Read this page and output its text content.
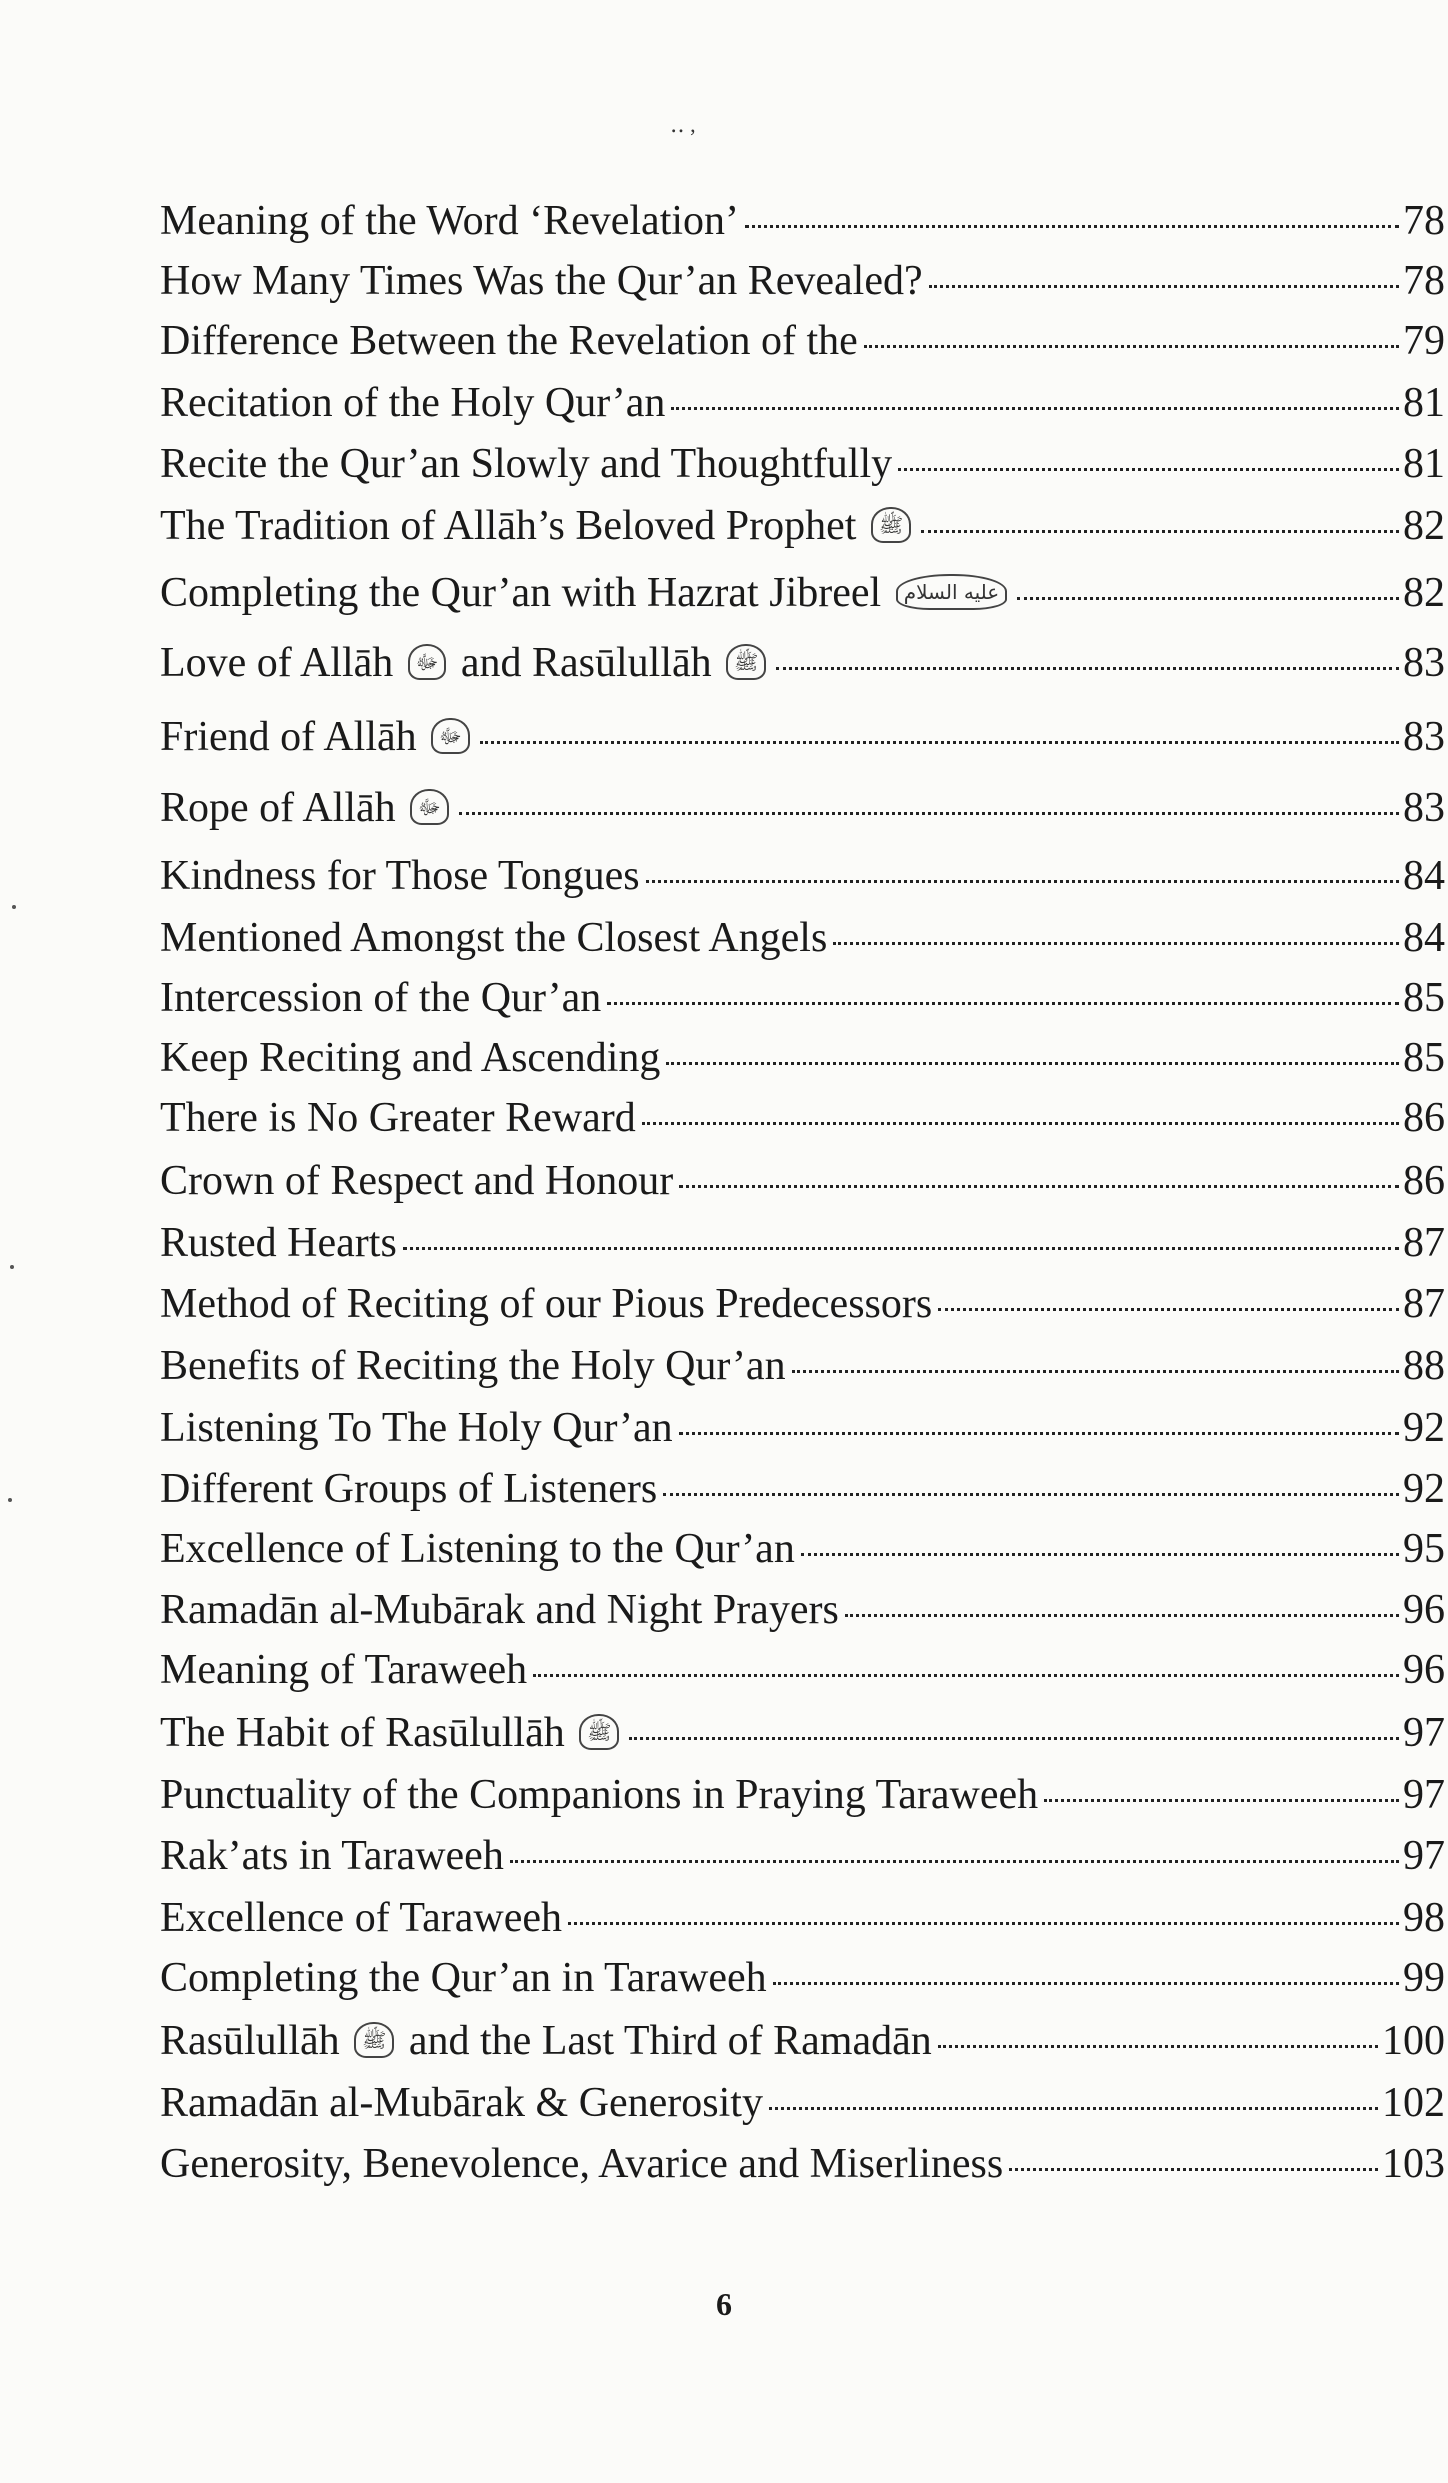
‥ ,
Meaning of the Word ‘Revelation’	78
How Many Times Was the Qur’an Revealed?	78
Difference Between the Revelation of the	79
Recitation of the Holy Qur’an	81
Recite the Qur’an Slowly and Thoughtfully	81
The Tradition of Allāh’s Beloved Prophet ﷺ	82
Completing the Qur’an with Hazrat Jibreel عليه السلام	82
Love of Allāh ﷻ and Rasūlullāh ﷺ	83
Friend of Allāh ﷻ	83
Rope of Allāh ﷻ	83
Kindness for Those Tongues	84
Mentioned Amongst the Closest Angels	84
Intercession of the Qur’an	85
Keep Reciting and Ascending	85
There is No Greater Reward	86
Crown of Respect and Honour	86
Rusted Hearts	87
Method of Reciting of our Pious Predecessors	87
Benefits of Reciting the Holy Qur’an	88
Listening To The Holy Qur’an	92
Different Groups of Listeners	92
Excellence of Listening to the Qur’an	95
Ramadān al-Mubārak and Night Prayers	96
Meaning of Taraweeh	96
The Habit of Rasūlullāh ﷺ	97
Punctuality of the Companions in Praying Taraweeh	97
Rak’ats in Taraweeh	97
Excellence of Taraweeh	98
Completing the Qur’an in Taraweeh	99
Rasūlullāh ﷺ and the Last Third of Ramadān	100
Ramadān al-Mubārak & Generosity	102
Generosity, Benevolence, Avarice and Miserliness	103
6
